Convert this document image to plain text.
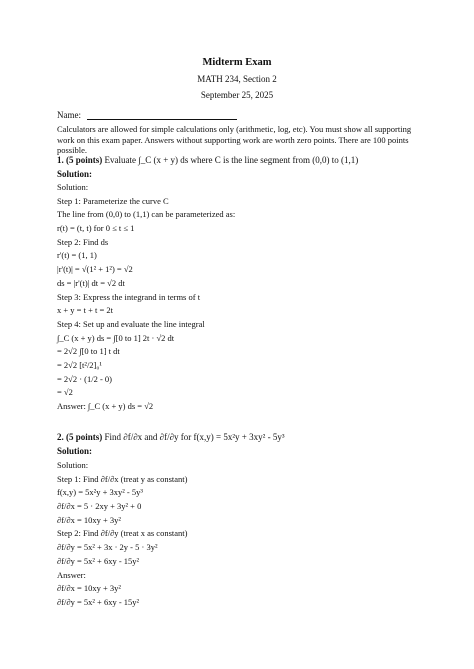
Midterm Exam
MATH 234, Section 2
September 25, 2025
Name:
Calculators are allowed for simple calculations only (arithmetic, log, etc). You must show all supporting work on this exam paper. Answers without supporting work are worth zero points. There are 100 points possible.
1. (5 points) Evaluate ∫_C (x + y) ds where C is the line segment from (0,0) to (1,1)
Solution:
Solution:
Step 1: Parameterize the curve C
The line from (0,0) to (1,1) can be parameterized as:
r(t) = (t, t) for 0 ≤ t ≤ 1
Step 2: Find ds
r'(t) = (1, 1)
|r'(t)| = √(1² + 1²) = √2
ds = |r'(t)| dt = √2 dt
Step 3: Express the integrand in terms of t
x + y = t + t = 2t
Step 4: Set up and evaluate the line integral
∫_C (x + y) ds = ∫[0 to 1] 2t · √2 dt
= 2√2 ∫[0 to 1] t dt
= 2√2 [t²/2]₀¹
= 2√2 · (1/2 - 0)
= √2
Answer: ∫_C (x + y) ds = √2
2. (5 points) Find ∂f/∂x and ∂f/∂y for f(x,y) = 5x²y + 3xy² - 5y³
Solution:
Solution:
Step 1: Find ∂f/∂x (treat y as constant)
f(x,y) = 5x²y + 3xy² - 5y³
∂f/∂x = 5 · 2xy + 3y² + 0
∂f/∂x = 10xy + 3y²
Step 2: Find ∂f/∂y (treat x as constant)
∂f/∂y = 5x² + 3x · 2y - 5 · 3y²
∂f/∂y = 5x² + 6xy - 15y²
Answer:
∂f/∂x = 10xy + 3y²
∂f/∂y = 5x² + 6xy - 15y²
